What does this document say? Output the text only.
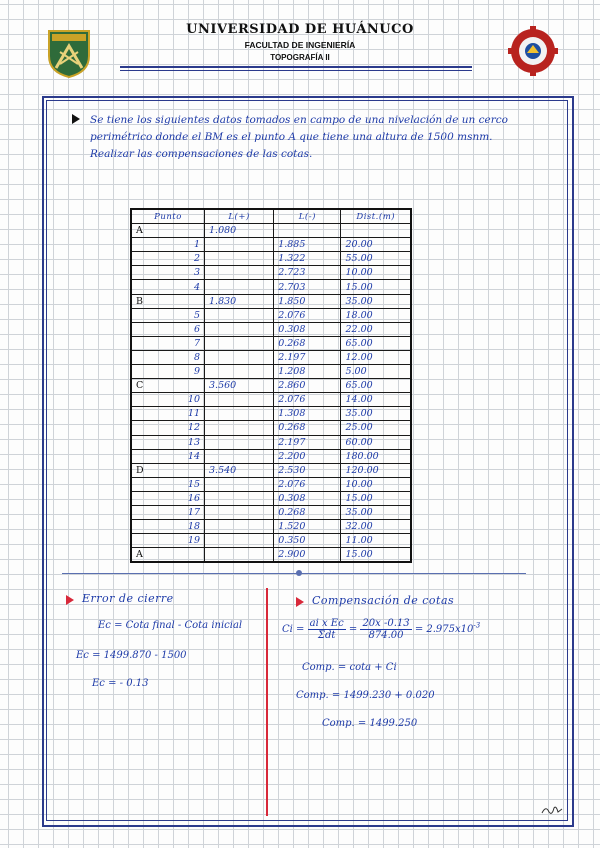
UNIVERSIDAD DE HUÁNUCO
FACULTAD DE INGENIERÍA
TOPOGRAFÍA II
Se tiene los siguientes datos tomados en campo de una nivelación de un cerco perimétrico donde el BM es el punto A que tiene una altura de 1500 msnm. Realizar las compensaciones de las cotas.
Punto	L(+)	L(-)	Dist.(m)
A	1.080		
1		1.885	20.00
2		1.322	55.00
3		2.723	10.00
4		2.703	15.00
B	1.830	1.850	35.00
5		2.076	18.00
6		0.308	22.00
7		0.268	65.00
8		2.197	12.00
9		1.208	5.00
C	3.560	2.860	65.00
10		2.076	14.00
11		1.308	35.00
12		0.268	25.00
13		2.197	60.00
14		2.200	180.00
D	3.540	2.530	120.00
15		2.076	10.00
16		0.308	15.00
17		0.268	35.00
18		1.520	32.00
19		0.350	11.00
A		2.900	15.00
Error de cierre
Ec = Cota final - Cota inicial
Ec = 1499.870 - 1500
Ec = - 0.13
Compensación de cotas
$Ci = \frac{\text{ai x Ec}}{\text{Σdt}} = \frac{20x -0.13}{874.00} = 2.975x10^{-3}$
Comp. = cota + Ci
Comp. = 1499.230 + 0.020
Comp. = 1499.250
